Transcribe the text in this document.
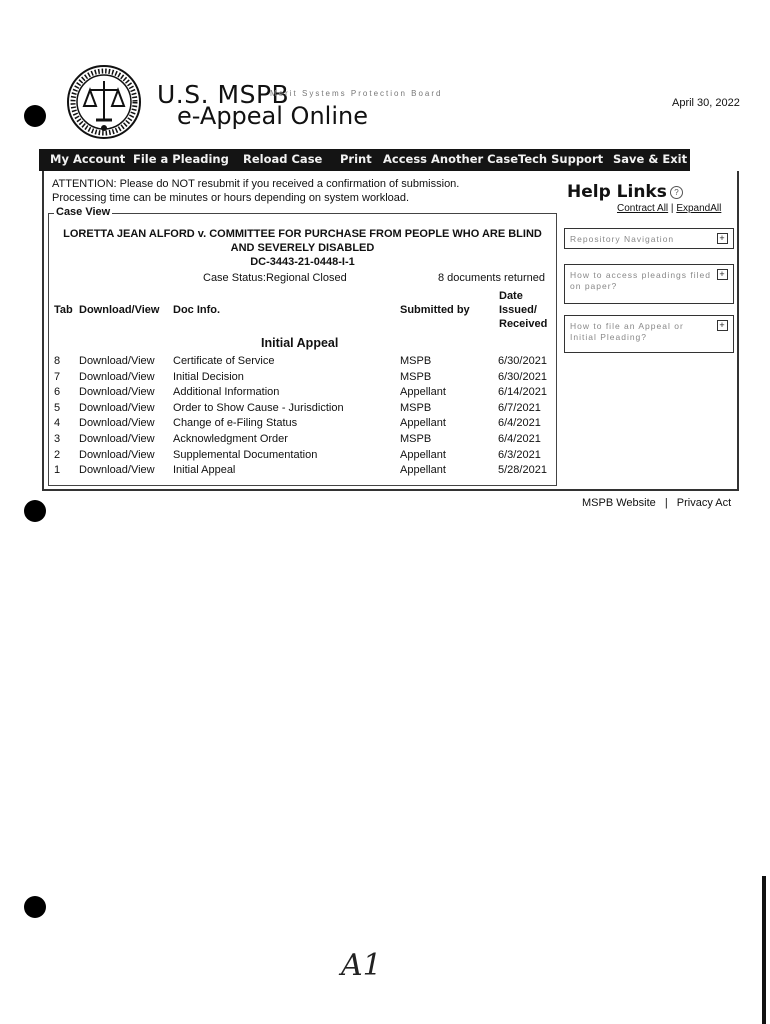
U.S. MSPB
Merit Systems Protection Board
e-Appeal Online	April 30, 2022
My Account File a Pleading Reload Case Print Access Another Case Tech Support Save & Exit
ATTENTION: Please do NOT resubmit if you received a confirmation of submission.
Processing time can be minutes or hours depending on system workload.
Case View
LORETTA JEAN ALFORD v. COMMITTEE FOR PURCHASE FROM PEOPLE WHO ARE BLIND
AND SEVERELY DISABLED
DC-3443-21-0448-I-1
Case Status:Regional Closed	8 documents returned
Tab Download/View Doc Info.	Submitted by
Date
Issued/
Received
Initial Appeal
8 Download/View Certificate of Service	MSPB	6/30/2021
7 Download/View Initial Decision	MSPB	6/30/2021
6 Download/View Additional Information	Appellant	6/14/2021
5 Download/View Order to Show Cause - Jurisdiction	MSPB	6/7/2021
4 Download/View Change of e-Filing Status	Appellant	6/4/2021
3 Download/View Acknowledgment Order	MSPB	6/4/2021
2 Download/View Supplemental Documentation	Appellant	6/3/2021
1 Download/View Initial Appeal	Appellant	5/28/2021
Help Links ?
Contract All | ExpandAll
Repository Navigation	+
How to access pleadings filed on paper?
+
How to file an Appeal or Initial Pleading?
+
MSPB Website | Privacy Act
A1
